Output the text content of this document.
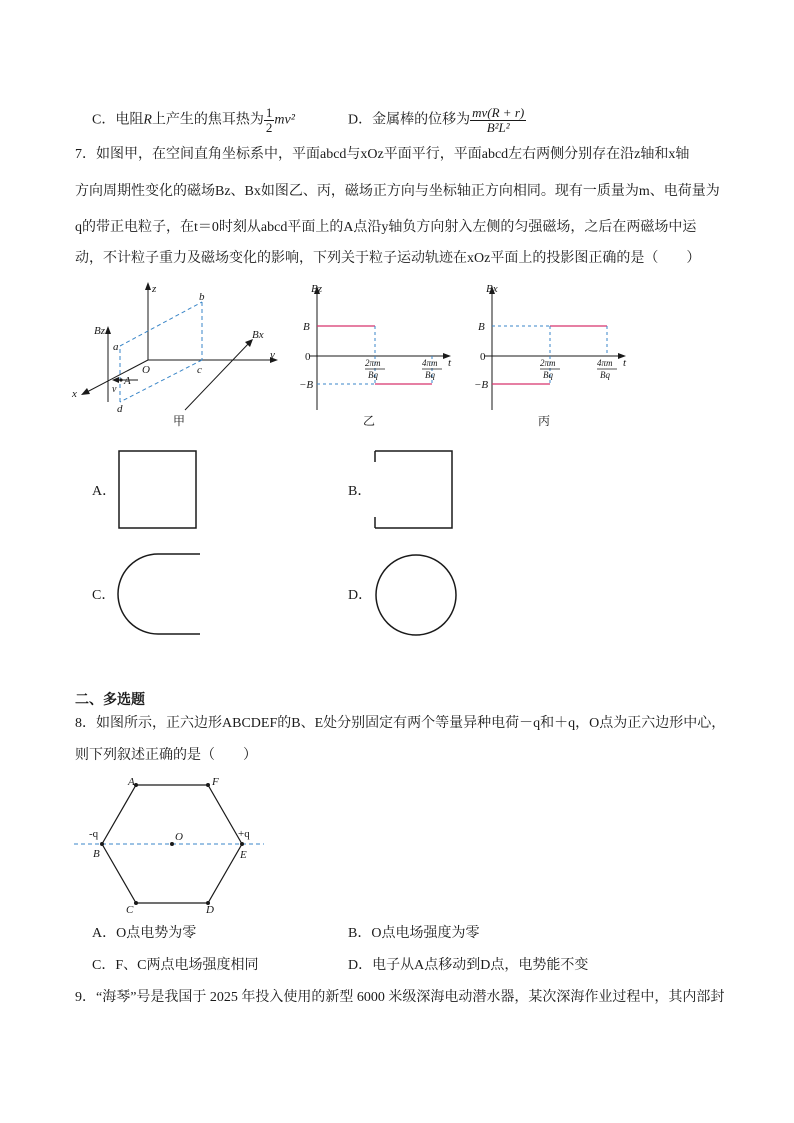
C．电阻R上产生的焦耳热为 $\frac{1}{2} mv^2$	D．金属棒的位移为 $\frac{mv(R + r)}{\text{B²L²}}$
7．如图甲，在空间直角坐标系中，平面abcd与xOz平面平行，平面abcd左右两侧分别存在沿z轴和x轴
方向周期性变化的磁场Bz、Bx如图乙、丙，磁场正方向与坐标轴正方向相同。现有一质量为m、电荷量为
q的带正电粒子，在t＝0时刻从abcd平面上的A点沿y轴负方向射入左侧的匀强磁场，之后在两磁场中运
动，不计粒子重力及磁场变化的影响，下列关于粒子运动轨迹在xOz平面上的投影图正确的是（　　）
z
y
x
O
a
b
c
d
A
v
Bz	Bx
甲
Bz
B
0
−B
t
2πm
Bq
4πm
Bq
乙
Bx
B
0
−B
t
2πm
Bq
4πm
Bq
丙
A．	B．
C．	D．
二、多选题
8．如图所示，正六边形ABCDEF的B、E处分别固定有两个等量异种电荷－q和＋q，O点为正六边形中心，
则下列叙述正确的是（　　）
A	F
B	E
C	D
O
-q	+q
A．O点电势为零	B．O点电场强度为零
C．F、C两点电场强度相同	D．电子从A点移动到D点，电势能不变
9．“海琴”号是我国于 2025 年投入使用的新型 6000 米级深海电动潜水器，某次深海作业过程中，其内部封
